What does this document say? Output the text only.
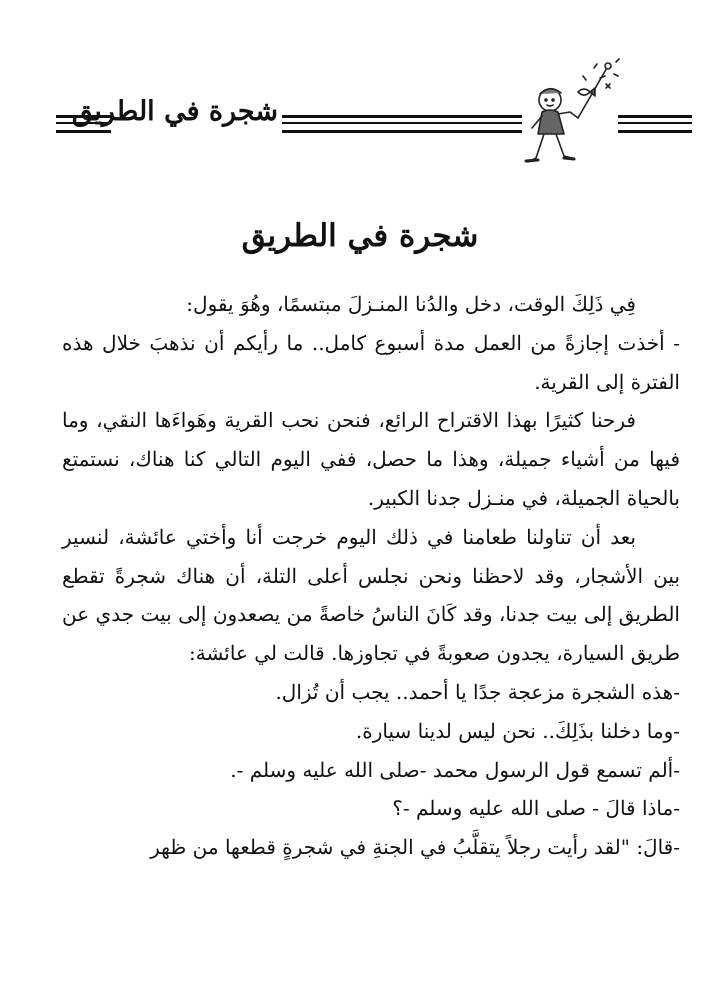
شجرة في الطريق
شجرة في الطريق

فِي ذَلِكَ الوقت، دخل والدُنا المنـزلَ مبتسمًا، وهُوَ يقول:

- أخذت إجازةً من العمل مدة أسبوع كامل.. ما رأيكم أن نذهبَ خلال هذه الفترة إلى القرية.

فرحنا كثيرًا بهذا الاقتراح الرائع، فنحن نحب القرية وهَواءَها النقي، وما فيها من أشياء جميلة، وهذا ما حصل، ففي اليوم التالي كنا هناك، نستمتع بالحياة الجميلة، في منـزل جدنا الكبير.

بعد أن تناولنا طعامنا في ذلك اليوم خرجت أنا وأختي عائشة، لنسير بين الأشجار، وقد لاحظنا ونحن نجلس أعلى التلة، أن هناك شجرةً تقطع الطريق إلى بيت جدنا، وقد كَانَ الناسُ خاصةً من يصعدون إلى بيت جدي عن طريق السيارة، يجدون صعوبةً في تجاوزها. قالت لي عائشة:

-هذه الشجرة مزعجة جدًا يا أحمد.. يجب أن تُزال.

-وما دخلنا بذَلِكَ.. نحن ليس لدينا سيارة.

-ألم تسمع قول الرسول محمد -صلى الله عليه وسلم -.

-ماذا قالَ - صلى الله عليه وسلم -؟

-قالَ: "لقد رأيت رجلاً يتقلَّبُ في الجنةِ في شجرةٍ قطعها من ظهر
